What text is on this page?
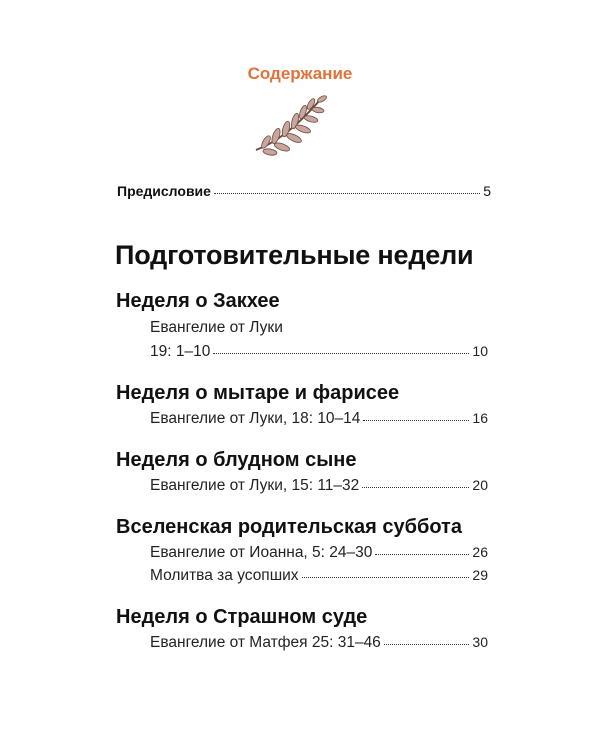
Содержание
Предисловие	5
Подготовительные недели
Неделя о Закхее
Евангелие от Луки
19: 1–10	10
Неделя о мытаре и фарисее
Евангелие от Луки, 18: 10–14	16
Неделя о блудном сыне
Евангелие от Луки, 15: 11–32	20
Вселенская родительская суббота
Евангелие от Иоанна, 5: 24–30	26
Молитва за усопших	29
Неделя о Страшном суде
Евангелие от Матфея 25: 31–46	30
